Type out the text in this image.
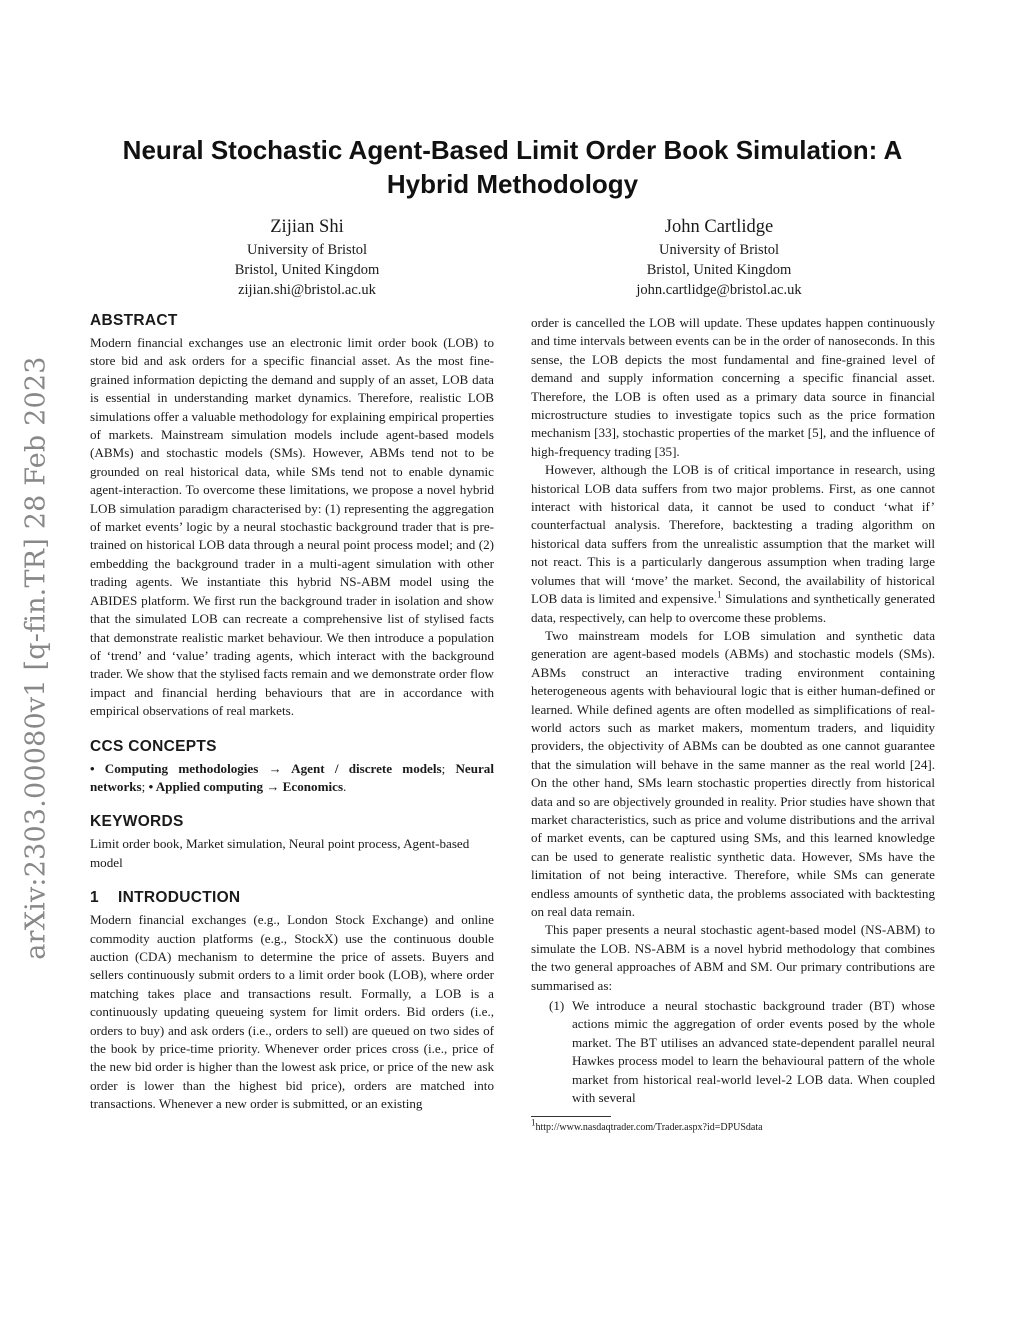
arXiv:2303.00080v1 [q-fin.TR] 28 Feb 2023
Neural Stochastic Agent-Based Limit Order Book Simulation: A
Hybrid Methodology
Zijian Shi
University of Bristol
Bristol, United Kingdom
zijian.shi@bristol.ac.uk
John Cartlidge
University of Bristol
Bristol, United Kingdom
john.cartlidge@bristol.ac.uk
ABSTRACT

Modern financial exchanges use an electronic limit order book (LOB) to store bid and ask orders for a specific financial asset. As the most fine-grained information depicting the demand and supply of an asset, LOB data is essential in understanding market dynamics. Therefore, realistic LOB simulations offer a valuable methodology for explaining empirical properties of markets. Mainstream simulation models include agent-based models (ABMs) and stochastic models (SMs). However, ABMs tend not to be grounded on real historical data, while SMs tend not to enable dynamic agent-interaction. To overcome these limitations, we propose a novel hybrid LOB simulation paradigm characterised by: (1) representing the aggregation of market events’ logic by a neural stochastic background trader that is pre-trained on historical LOB data through a neural point process model; and (2) embedding the background trader in a multi-agent simulation with other trading agents. We instantiate this hybrid NS-ABM model using the ABIDES platform. We first run the background trader in isolation and show that the simulated LOB can recreate a comprehensive list of stylised facts that demonstrate realistic market behaviour. We then introduce a population of ‘trend’ and ‘value’ trading agents, which interact with the background trader. We show that the stylised facts remain and we demonstrate order flow impact and financial herding behaviours that are in accordance with empirical observations of real markets.

CCS CONCEPTS

• Computing methodologies → Agent / discrete models; Neural networks; • Applied computing → Economics.

KEYWORDS

Limit order book, Market simulation, Neural point process, Agent-based model

1 INTRODUCTION

Modern financial exchanges (e.g., London Stock Exchange) and online commodity auction platforms (e.g., StockX) use the continuous double auction (CDA) mechanism to determine the price of assets. Buyers and sellers continuously submit orders to a limit order book (LOB), where order matching takes place and transactions result. Formally, a LOB is a continuously updating queueing system for limit orders. Bid orders (i.e., orders to buy) and ask orders (i.e., orders to sell) are queued on two sides of the book by price-time priority. Whenever order prices cross (i.e., price of the new bid order is higher than the lowest ask price, or price of the new ask order is lower than the highest bid price), orders are matched into transactions. Whenever a new order is submitted, or an existing

order is cancelled the LOB will update. These updates happen continuously and time intervals between events can be in the order of nanoseconds. In this sense, the LOB depicts the most fundamental and fine-grained level of demand and supply information concerning a specific financial asset. Therefore, the LOB is often used as a primary data source in financial microstructure studies to investigate topics such as the price formation mechanism [33], stochastic properties of the market [5], and the influence of high-frequency trading [35].

However, although the LOB is of critical importance in research, using historical LOB data suffers from two major problems. First, as one cannot interact with historical data, it cannot be used to conduct ‘what if’ counterfactual analysis. Therefore, backtesting a trading algorithm on historical data suffers from the unrealistic assumption that the market will not react. This is a particularly dangerous assumption when trading large volumes that will ‘move’ the market. Second, the availability of historical LOB data is limited and expensive.$^1$ Simulations and synthetically generated data, respectively, can help to overcome these problems.

Two mainstream models for LOB simulation and synthetic data generation are agent-based models (ABMs) and stochastic models (SMs). ABMs construct an interactive trading environment containing heterogeneous agents with behavioural logic that is either human-defined or learned. While defined agents are often modelled as simplifications of real-world actors such as market makers, momentum traders, and liquidity providers, the objectivity of ABMs can be doubted as one cannot guarantee that the simulation will behave in the same manner as the real world [24]. On the other hand, SMs learn stochastic properties directly from historical data and so are objectively grounded in reality. Prior studies have shown that market characteristics, such as price and volume distributions and the arrival of market events, can be captured using SMs, and this learned knowledge can be used to generate realistic synthetic data. However, SMs have the limitation of not being interactive. Therefore, while SMs can generate endless amounts of synthetic data, the problems associated with backtesting on real data remain.

This paper presents a neural stochastic agent-based model (NS-ABM) to simulate the LOB. NS-ABM is a novel hybrid methodology that combines the two general approaches of ABM and SM. Our primary contributions are summarised as:

(1) We introduce a neural stochastic background trader (BT) whose actions mimic the aggregation of order events posed by the whole market. The BT utilises an advanced state-dependent parallel neural Hawkes process model to learn the behavioural pattern of the whole market from historical real-world level-2 LOB data. When coupled with several
$^1$http://www.nasdaqtrader.com/Trader.aspx?id=DPUSdata
